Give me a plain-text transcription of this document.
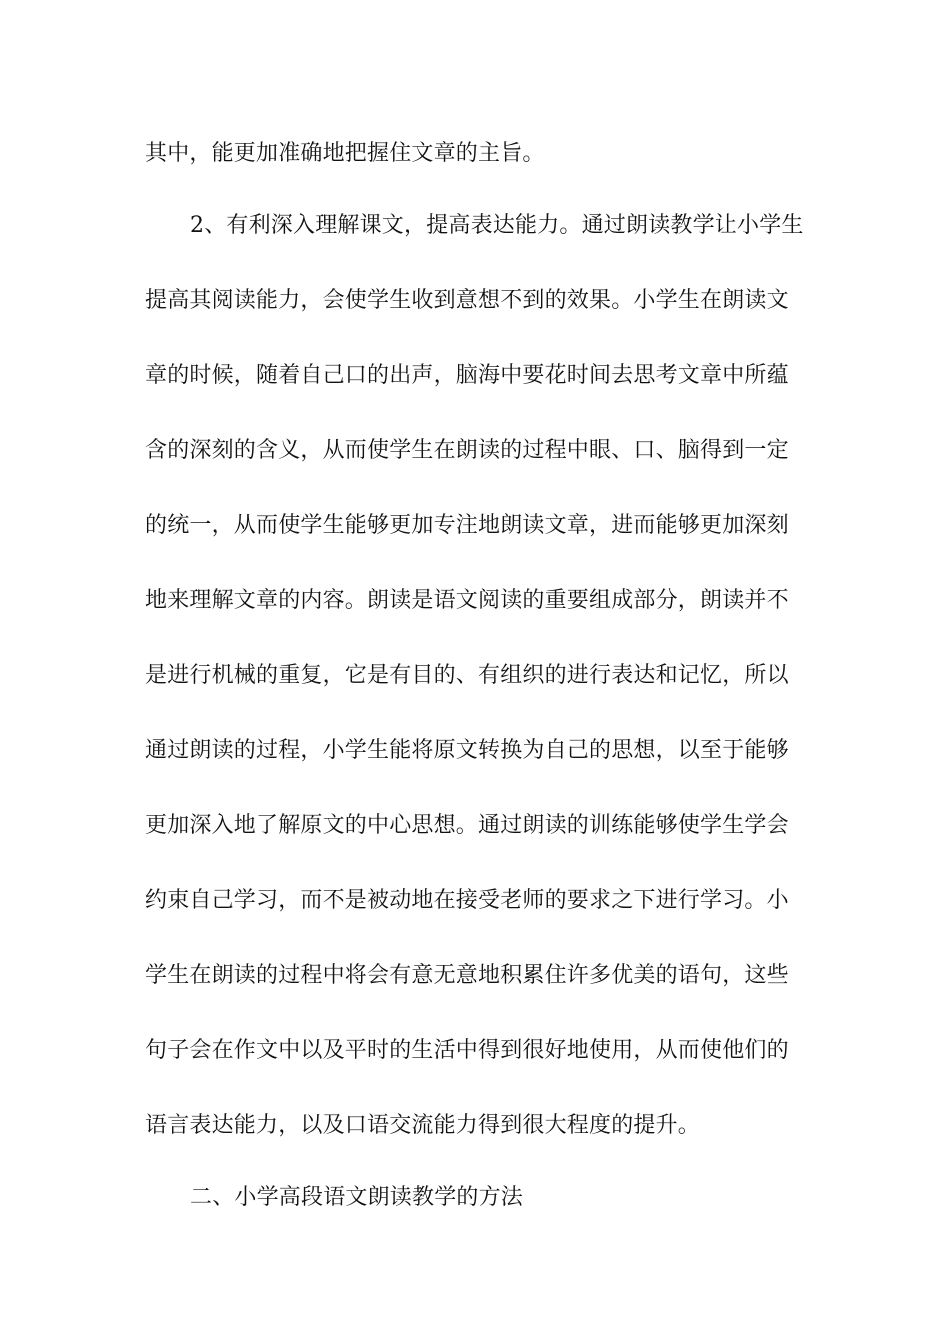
其中，能更加准确地把握住文章的主旨。
2、有利深入理解课文，提高表达能力。通过朗读教学让小学生
提高其阅读能力，会使学生收到意想不到的效果。小学生在朗读文
章的时候，随着自己口的出声，脑海中要花时间去思考文章中所蕴
含的深刻的含义，从而使学生在朗读的过程中眼、口、脑得到一定
的统一，从而使学生能够更加专注地朗读文章，进而能够更加深刻
地来理解文章的内容。朗读是语文阅读的重要组成部分，朗读并不
是进行机械的重复，它是有目的、有组织的进行表达和记忆，所以
通过朗读的过程，小学生能将原文转换为自己的思想，以至于能够
更加深入地了解原文的中心思想。通过朗读的训练能够使学生学会
约束自己学习，而不是被动地在接受老师的要求之下进行学习。小
学生在朗读的过程中将会有意无意地积累住许多优美的语句，这些
句子会在作文中以及平时的生活中得到很好地使用，从而使他们的
语言表达能力，以及口语交流能力得到很大程度的提升。
二、小学高段语文朗读教学的方法
